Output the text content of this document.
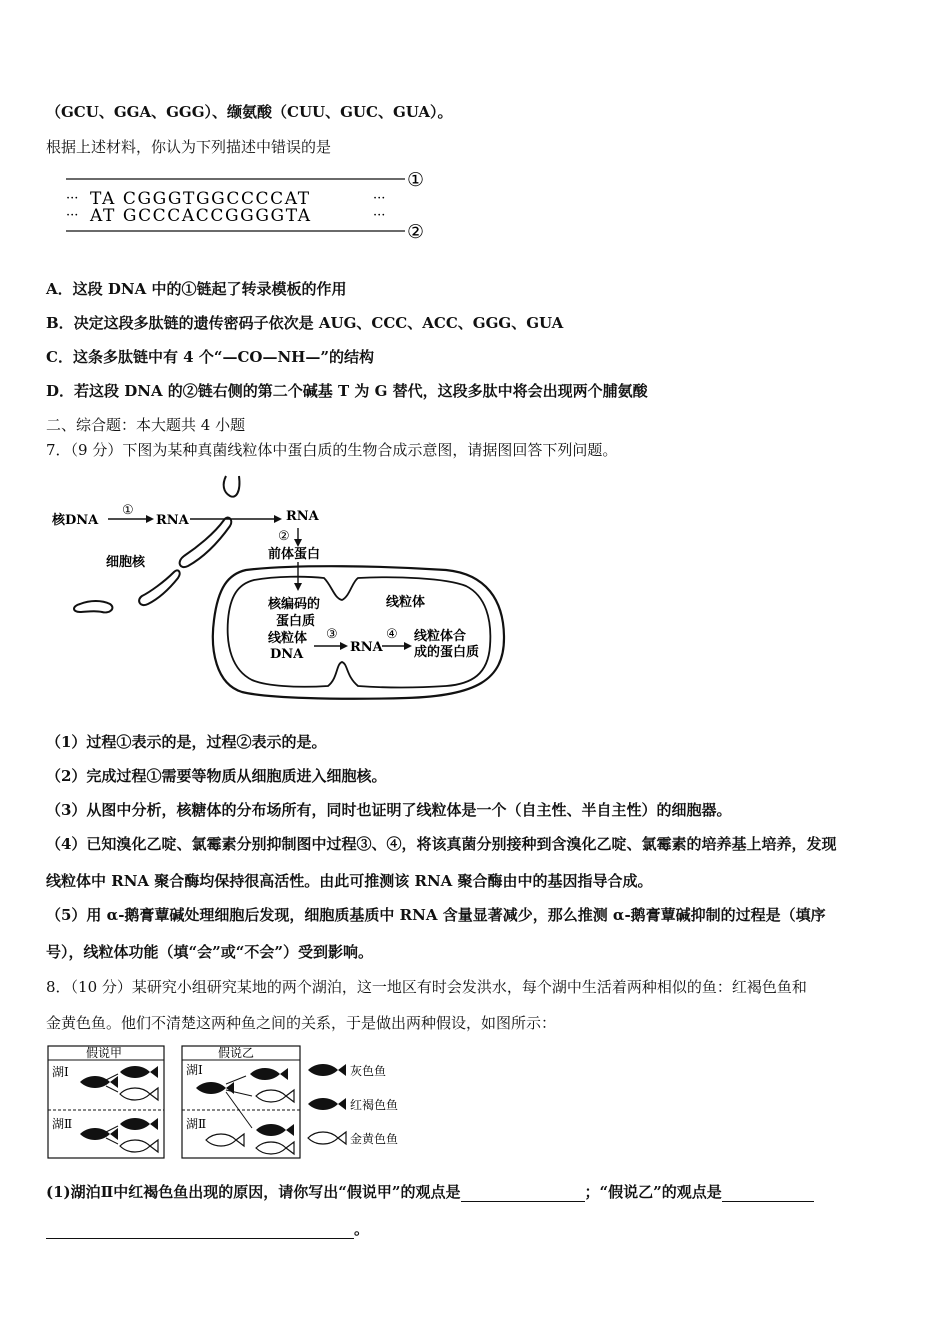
（GCU、GGA、GGG）、缬氨酸（CUU、GUC、GUA）。
根据上述材料，你认为下列描述中错误的是
··· TA CGGGTGGCCCCAT	···
··· AT GCCCACCGGGGTA	···
①
②
A．这段 DNA 中的①链起了转录模板的作用
B．决定这段多肽链的遗传密码子依次是 AUG、CCC、ACC、GGG、GUA
C．这条多肽链中有 4 个“—CO—NH—”的结构
D．若这段 DNA 的②链右侧的第二个碱基 T 为 G 替代，这段多肽中将会出现两个脯氨酸
二、综合题：本大题共 4 小题
7．（9 分）下图为某种真菌线粒体中蛋白质的生物合成示意图，请据图回答下列问题。
核DNA
①
RNA	RNA
②
前体蛋白
细胞核
核编码的
蛋白质
线粒体
线粒体
DNA
③
RNA
④ 线粒体合
成的蛋白质
（1）过程①表示的是，过程②表示的是。
（2）完成过程①需要等物质从细胞质进入细胞核。
（3）从图中分析，核糖体的分布场所有，同时也证明了线粒体是一个（自主性、半自主性）的细胞器。
（4）已知溴化乙啶、氯霉素分别抑制图中过程③、④，将该真菌分别接种到含溴化乙啶、氯霉素的培养基上培养，发现
线粒体中 RNA 聚合酶均保持很高活性。由此可推测该 RNA 聚合酶由中的基因指导合成。
（5）用 α-鹅膏蕈碱处理细胞后发现，细胞质基质中 RNA 含量显著减少，那么推测 α-鹅膏蕈碱抑制的过程是（填序
号），线粒体功能（填“会”或“不会”）受到影响。
8．（10 分）某研究小组研究某地的两个湖泊，这一地区有时会发洪水，每个湖中生活着两种相似的鱼：红褐色鱼和
金黄色鱼。他们不清楚这两种鱼之间的关系，于是做出两种假设，如图所示：
假说甲
湖Ⅰ
湖Ⅱ
假说乙
湖Ⅰ
湖Ⅱ
灰色鱼
红褐色鱼
金黄色鱼
(1)湖泊Ⅱ中红褐色鱼出现的原因，请你写出“假说甲”的观点是	；“假说乙”的观点是
。
